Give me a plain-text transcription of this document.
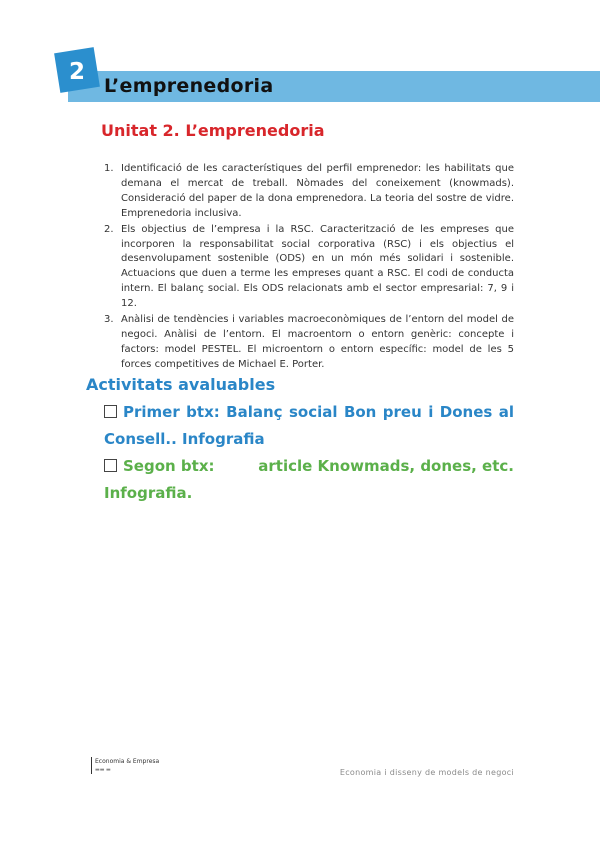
2
L’emprenedoria
Unitat 2. L’emprenedoria
1. Identificació de les característiques del perfil emprenedor: les habilitats que demana el mercat de treball. Nòmades del coneixement (knowmads). Consideració del paper de la dona emprenedora. La teoria del sostre de vidre. Emprenedoria inclusiva.
2. Els objectius de l’empresa i la RSC. Caracterització de les empreses que incorporen la responsabilitat social corporativa (RSC) i els objectius el desenvolupament sostenible (ODS) en un món més solidari i sostenible. Actuacions que duen a terme les empreses quant a RSC. El codi de conducta intern. El balanç social. Els ODS relacionats amb el sector empresarial: 7, 9 i 12.
3. Anàlisi de tendències i variables macroeconòmiques de l’entorn del model de negoci. Anàlisi de l’entorn. El macroentorn o entorn genèric: concepte i factors: model PESTEL. El microentorn o entorn específic: model de les 5 forces competitives de Michael E. Porter.
Activitats avaluables
Primer btx: Balanç social Bon preu i Dones al
Consell.. Infografia
Segon btx:	article Knowmads, dones, etc.
Infografia.
Economia & Empresa
▬▬ ▬	Economia i disseny de models de negoci
